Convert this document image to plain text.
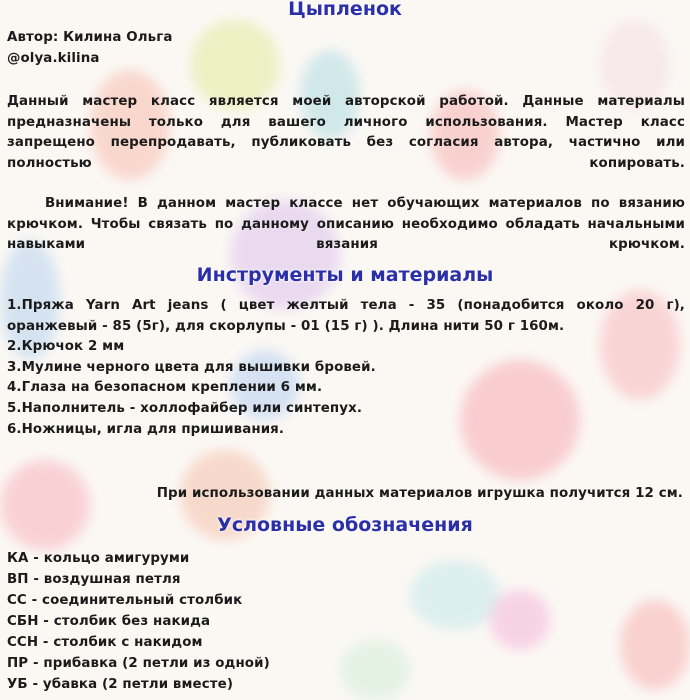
Цыпленок
Автор: Килина Ольга
@olya.kilina
Данный мастер класс является моей авторской работой. Данные материалы предназначены только для вашего личного использования. Мастер класс запрещено перепродавать, публиковать без согласия автора, частично или полностью копировать.
Внимание! В данном мастер классе нет обучающих материалов по вязанию крючком. Чтобы связать по данному описанию необходимо обладать начальными навыками вязания крючком.
Инструменты и материалы
1.Пряжа Yarn Art jeans ( цвет желтый тела - 35 (понадобится около 20 г), оранжевый - 85 (5г), для скорлупы - 01 (15 г) ). Длина нити 50 г 160м.
2.Крючок 2 мм
3.Мулине черного цвета для вышивки бровей.
4.Глаза на безопасном креплении 6 мм.
5.Наполнитель - холлофайбер или синтепух.
6.Ножницы, игла для пришивания.
При использовании данных материалов игрушка получится 12 см.
Условные обозначения
КА - кольцо амигуруми
ВП - воздушная петля
СС - соединительный столбик
СБН - столбик без накида
ССН - столбик с накидом
ПР - прибавка (2 петли из одной)
УБ - убавка (2 петли вместе)
